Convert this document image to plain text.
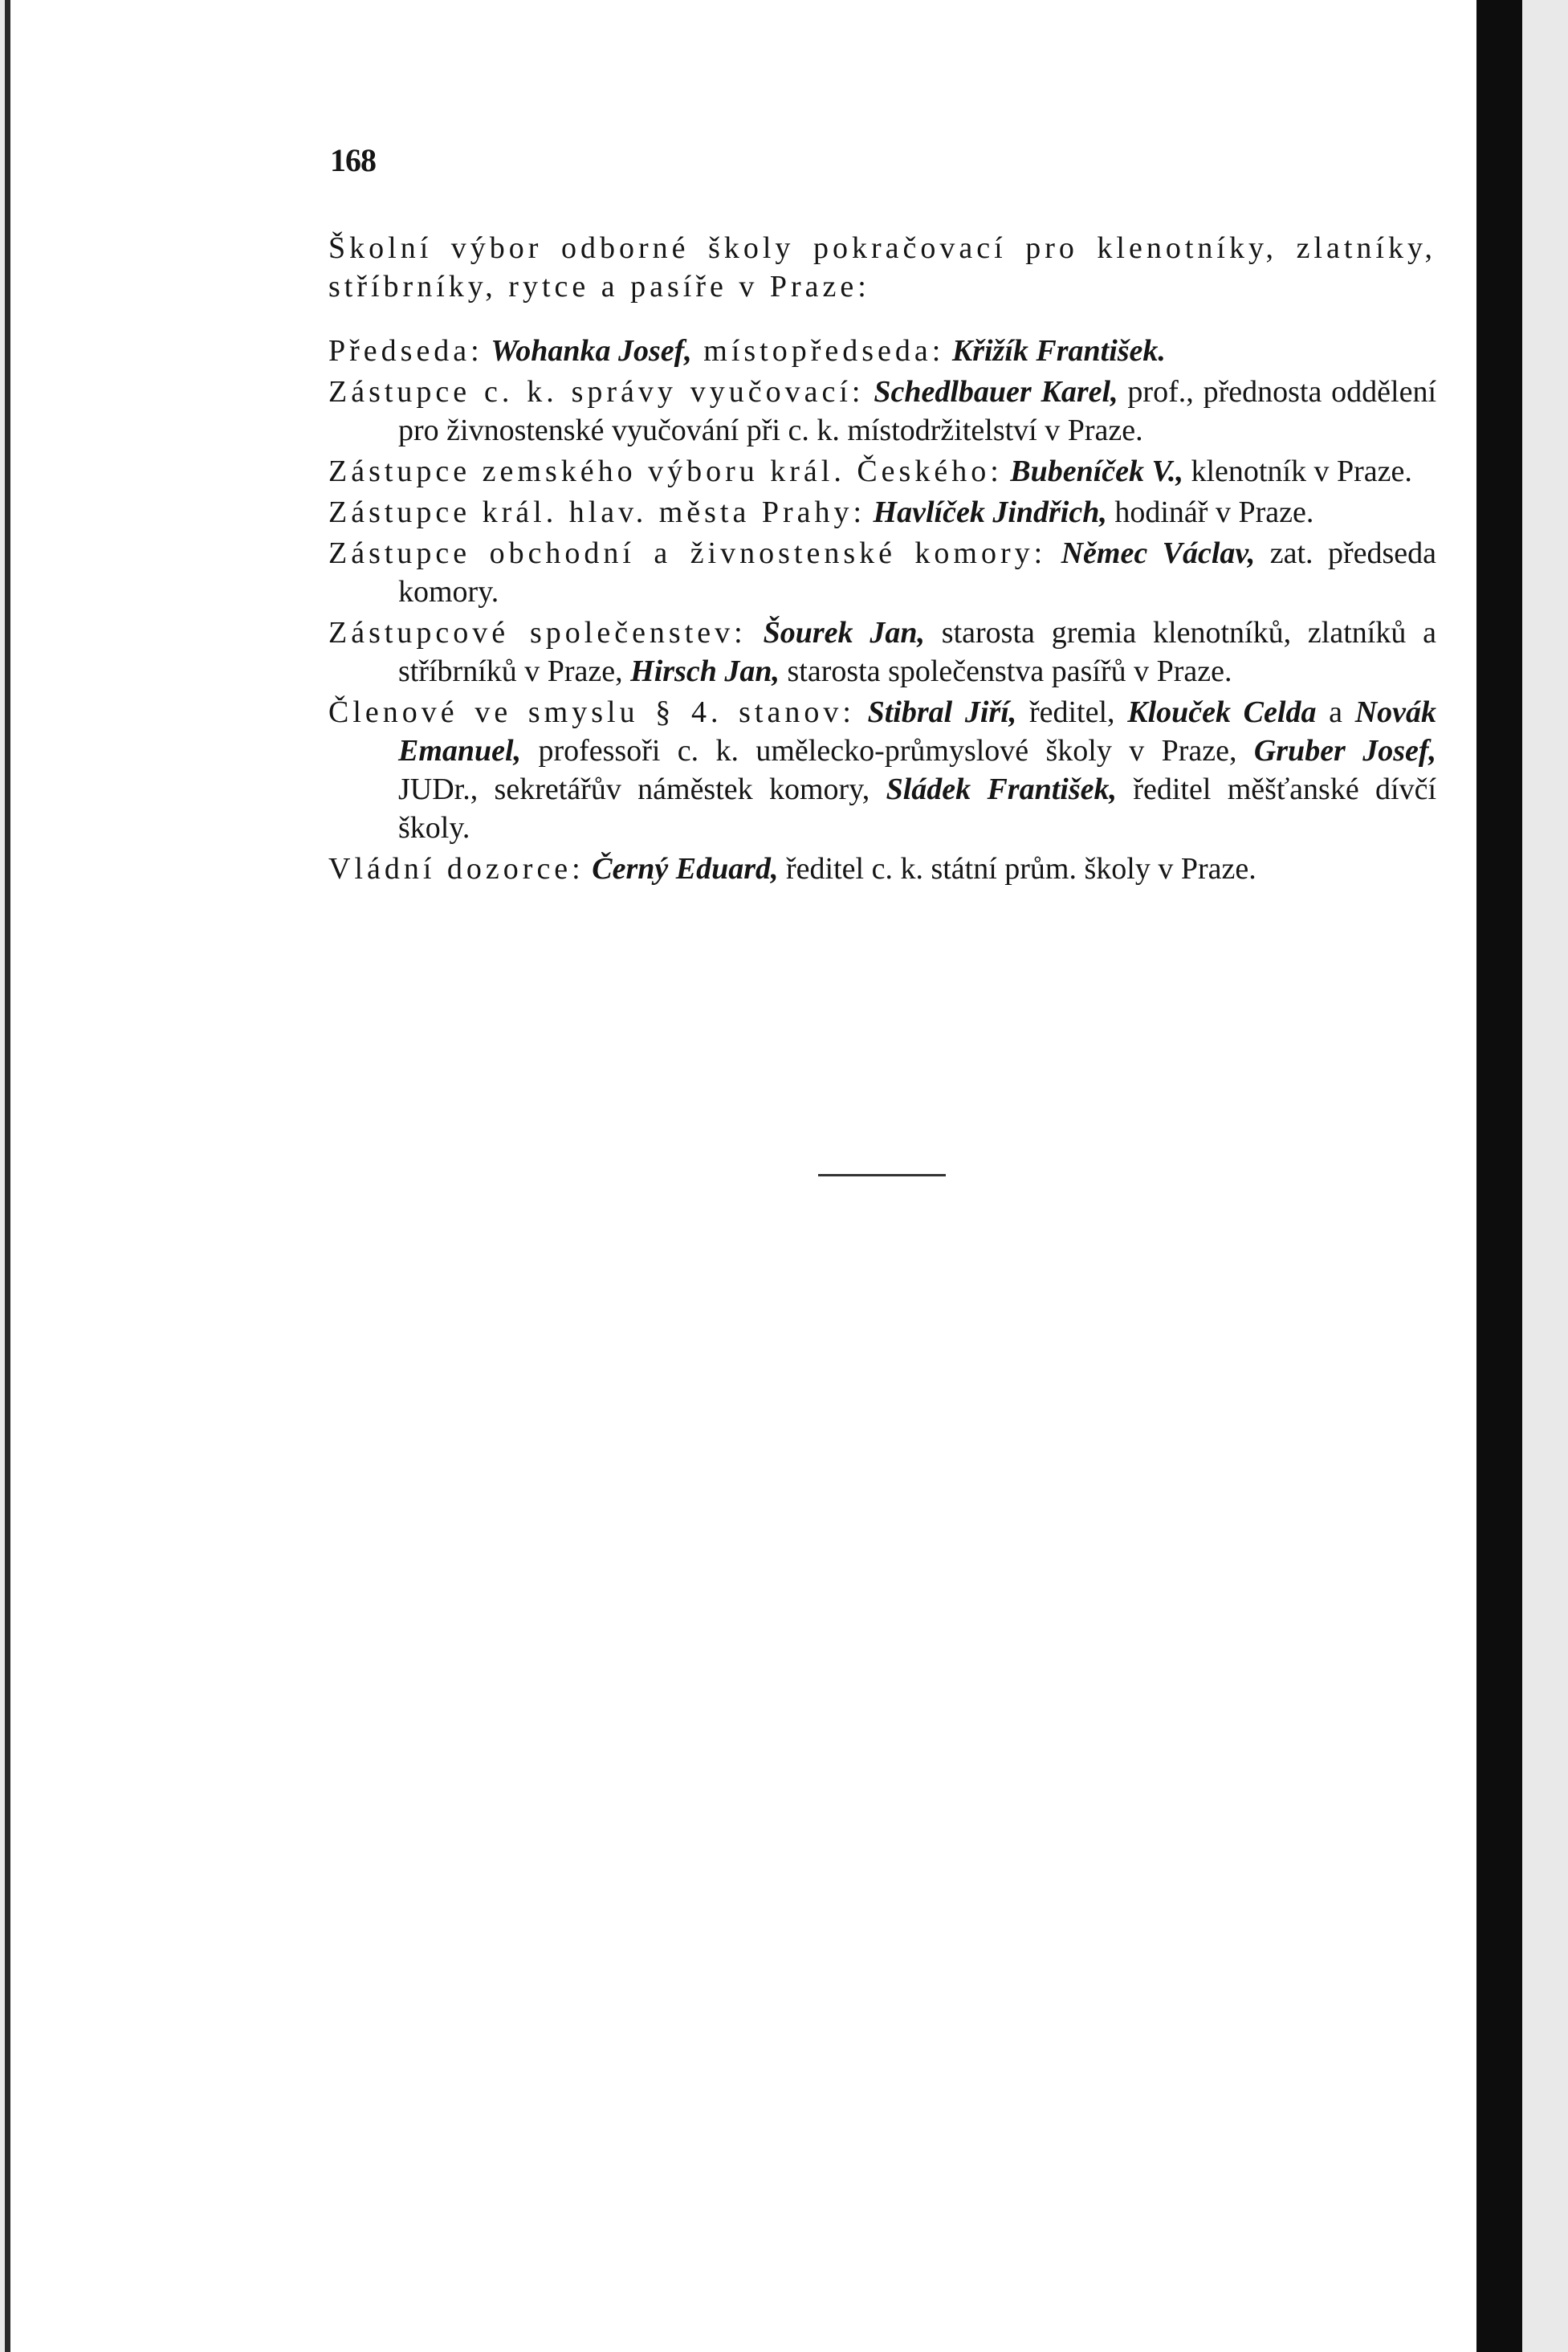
168
Školní výbor odborné školy pokračovací pro klenotníky, zlatníky, stříbrníky, rytce a pasíře v Praze:
Předseda: Wohanka Josef, místopředseda: Křižík František.
Zástupce c. k. správy vyučovací: Schedlbauer Karel, prof., přednosta oddělení pro živnostenské vyučování při c. k. místodržitelství v Praze.
Zástupce zemského výboru král. Českého: Bubeníček V., klenotník v Praze.
Zástupce král. hlav. města Prahy: Havlíček Jindřich, hodinář v Praze.
Zástupce obchodní a živnostenské komory: Němec Václav, zat. předseda komory.
Zástupcové společenstev: Šourek Jan, starosta gremia klenotníků, zlatníků a stříbrníků v Praze, Hirsch Jan, starosta společenstva pasířů v Praze.
Členové ve smyslu § 4. stanov: Stibral Jiří, ředitel, Klouček Celda a Novák Emanuel, professoři c. k. umělecko-průmyslové školy v Praze, Gruber Josef, JUDr., sekretářův náměstek komory, Sládek František, ředitel měšťanské dívčí školy.
Vládní dozorce: Černý Eduard, ředitel c. k. státní prům. školy v Praze.
